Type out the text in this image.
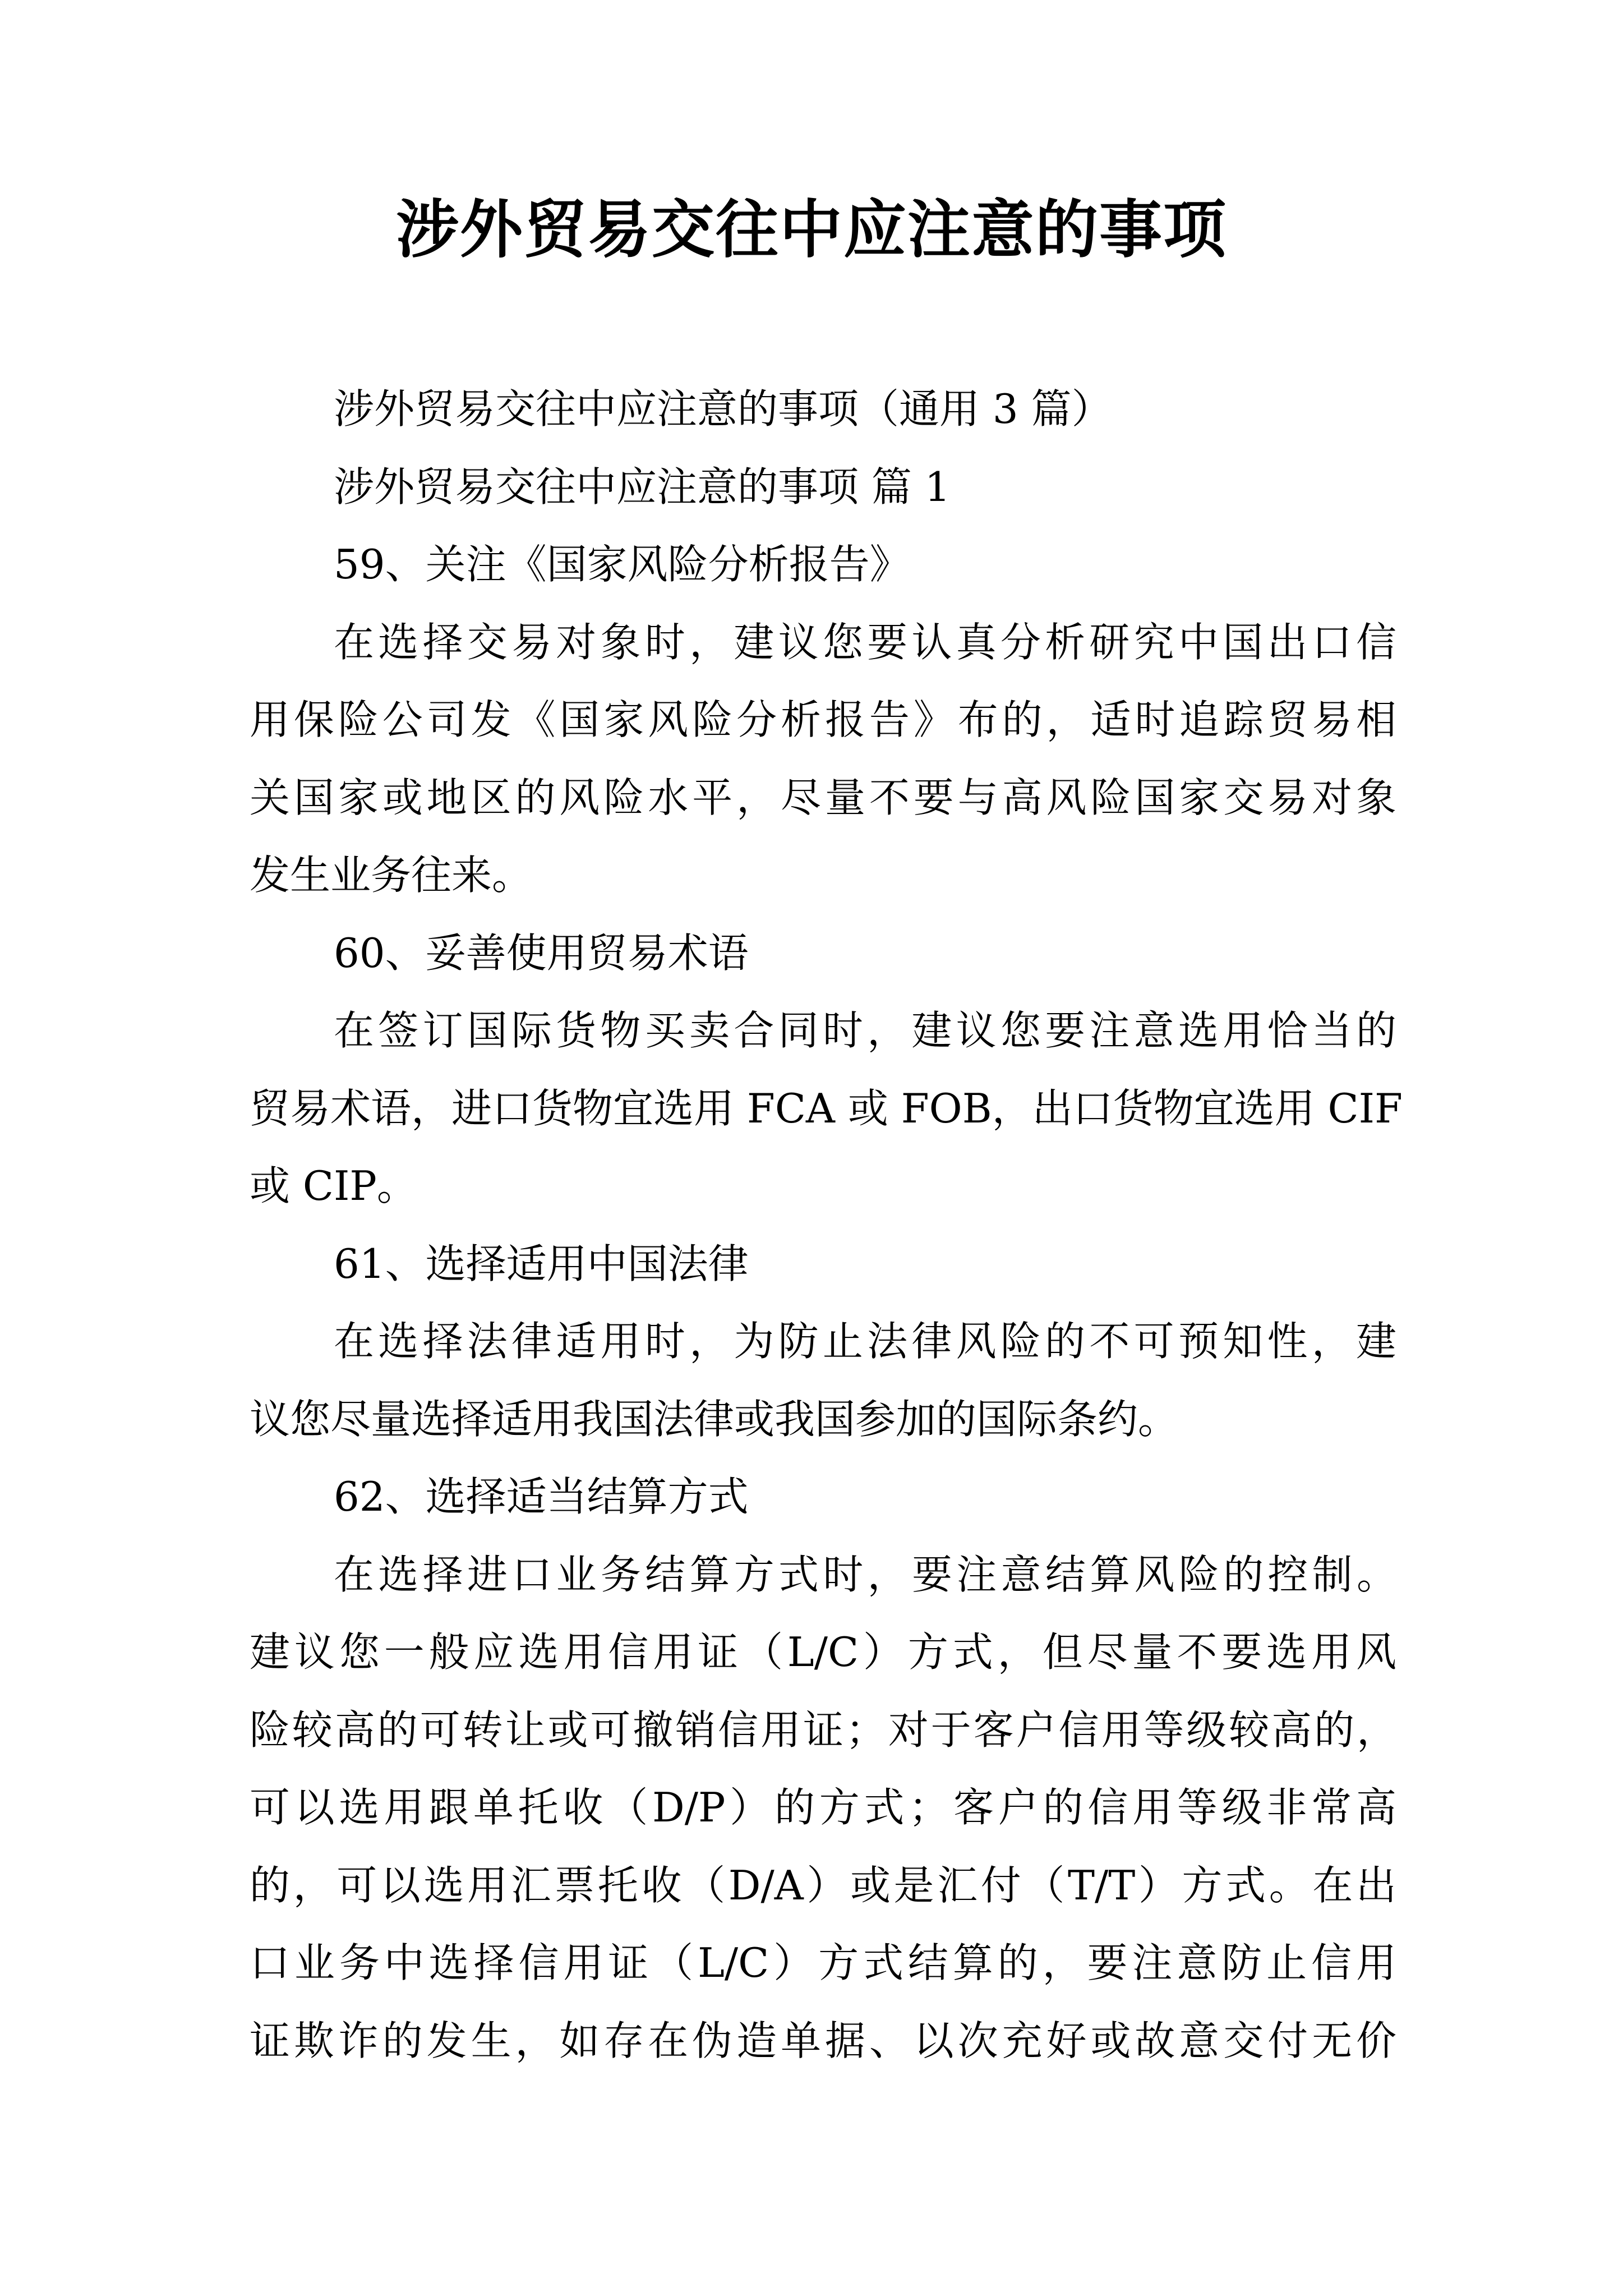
涉外贸易交往中应注意的事项
涉外贸易交往中应注意的事项（通用 3 篇）
涉外贸易交往中应注意的事项 篇 1
59、关注《国家风险分析报告》
在选择交易对象时，建议您要认真分析研究中国出口信
用保险公司发《国家风险分析报告》布的，适时追踪贸易相
关国家或地区的风险水平，尽量不要与高风险国家交易对象
发生业务往来。
60、妥善使用贸易术语
在签订国际货物买卖合同时，建议您要注意选用恰当的
贸易术语，进口货物宜选用 FCA 或 FOB，出口货物宜选用 CIF
或 CIP。
61、选择适用中国法律
在选择法律适用时，为防止法律风险的不可预知性，建
议您尽量选择适用我国法律或我国参加的国际条约。
62、选择适当结算方式
在选择进口业务结算方式时，要注意结算风险的控制。
建议您一般应选用信用证（L/C）方式，但尽量不要选用风
险较高的可转让或可撤销信用证；对于客户信用等级较高的，
可以选用跟单托收（D/P）的方式；客户的信用等级非常高
的，可以选用汇票托收（D/A）或是汇付（T/T）方式。在出
口业务中选择信用证（L/C）方式结算的，要注意防止信用
证欺诈的发生，如存在伪造单据、以次充好或故意交付无价
